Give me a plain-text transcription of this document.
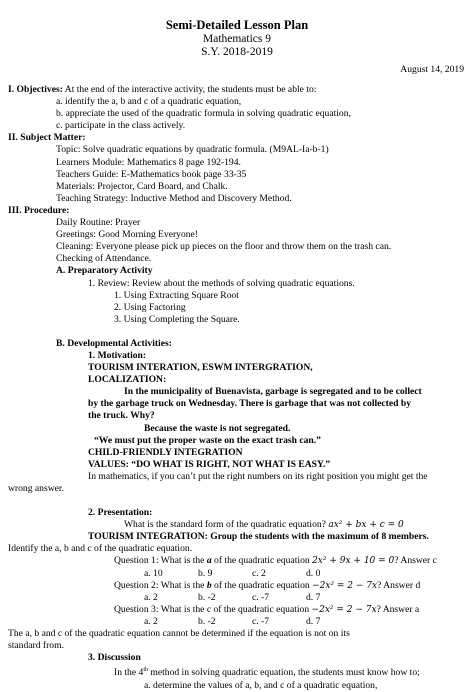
Semi-Detailed Lesson Plan
Mathematics 9
S.Y. 2018-2019
August 14, 2019
I. Objectives: At the end of the interactive activity, the students must be able to:
a. identify the a, b and c of a quadratic equation,
b. appreciate the used of the quadratic formula in solving quadratic equation,
c. participate in the class actively.
II. Subject Matter:
Topic: Solve quadratic equations by quadratic formula. (M9AL-Ia-b-1)
Learners Module: Mathematics 8 page 192-194.
Teachers Guide: E-Mathematics book page 33-35
Materials: Projector, Card Board, and Chalk.
Teaching Strategy: Inductive Method and Discovery Method.
III. Procedure:
Daily Routine: Prayer
Greetings: Good Morning Everyone!
Cleaning: Everyone please pick up pieces on the floor and throw them on the trash can.
Checking of Attendance.
A. Preparatory Activity
1. Review: Review about the methods of solving quadratic equations.
1. Using Extracting Square Root
2. Using Factoring
3. Using Completing the Square.
B. Developmental Activities:
1. Motivation:
TOURISM INTERATION, ESWM INTERGRATION,
LOCALIZATION:
In the municipality of Buenavista, garbage is segregated and to be collect
by the garbage truck on Wednesday. There is garbage that was not collected by
the truck. Why?
Because the waste is not segregated.
“We must put the proper waste on the exact trash can.”
CHILD-FRIENDLY INTEGRATION
VALUES: “DO WHAT IS RIGHT, NOT WHAT IS EASY.”
In mathematics, if you can’t put the right numbers on its right position you might get the
wrong answer.
2. Presentation:
What is the standard form of the quadratic equation? ax² + bx + c = 0
TOURISM INTEGRATION: Group the students with the maximum of 8 members.
Identify the a, b and c of the quadratic equation.
Question 1: What is the a of the quadratic equation 2x² + 9x + 10 = 0? Answer c
a. 10	b. 9	c. 2	d. 0
Question 2: What is the b of the quadratic equation −2x² = 2 − 7x? Answer d
a. 2	b. -2	c. -7	d. 7
Question 3: What is the c of the quadratic equation −2x² = 2 − 7x? Answer a
a. 2	b. -2	c. -7	d. 7
The a, b and c of the quadratic equation cannot be determined if the equation is not on its
standard from.
3. Discussion
In the 4th method in solving quadratic equation, the students must know how to;
a. determine the values of a, b, and c of a quadratic equation,
